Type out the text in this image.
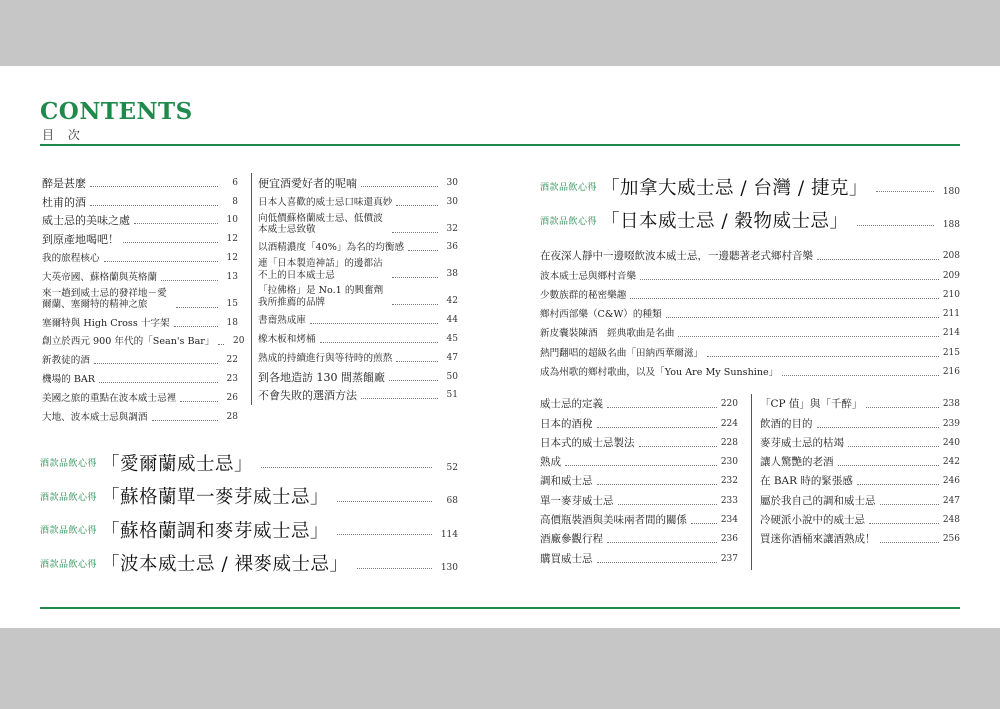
CONTENTS
目 次
醉是甚麼	6
杜甫的酒	8
威士忌的美味之處	10
到原產地喝吧！	12
我的旅程核心	12
大英帝國、蘇格蘭與英格蘭	13
來一趟到威士忌的發祥地－愛爾蘭、塞爾特的精神之旅	15
塞爾特與 High Cross 十字架	18
創立於西元 900 年代的「Sean's Bar」	20
新教徒的酒	22
機場的 BAR	23
美國之旅的重點在波本威士忌裡	26
大地、波本威士忌與調酒	28
便宜酒愛好者的呢喃	30
日本人喜歡的威士忌口味還真妙	30
向低價蘇格蘭威士忌、低價波本威士忌致敬	32
以酒精濃度「40%」為名的均衡感	36
連「日本製造神話」的邊都沾不上的日本威士忌	38
「拉佛格」是 No.1 的興奮劑 我所推薦的品牌	42
書齋熟成庫	44
橡木板和烤桶	45
熟成的持續進行與等待時的煎熬	47
到各地造訪 130 間蒸餾廠	50
不會失敗的選酒方法	51
酒款品飲心得 「愛爾蘭威士忌」	52
酒款品飲心得 「蘇格蘭單一麥芽威士忌」	68
酒款品飲心得 「蘇格蘭調和麥芽威士忌」	114
酒款品飲心得 「波本威士忌 / 裸麥威士忌」	130
酒款品飲心得 「加拿大威士忌 / 台灣 / 捷克」	180
酒款品飲心得 「日本威士忌 / 穀物威士忌」	188
在夜深人靜中一邊啜飲波本威士忌，一邊聽著老式鄉村音樂	208
波本威士忌與鄉村音樂	209
少數族群的秘密樂趣	210
鄉村西部樂（C&W）的種類	211
新皮囊裝陳酒　經典歌曲是名曲	214
熱門翻唱的超級名曲「田納西華爾滋」	215
成為州歌的鄉村歌曲，以及「You Are My Sunshine」	216
威士忌的定義	220
日本的酒稅	224
日本式的威士忌製法	228
熟成	230
調和威士忌	232
單一麥芽威士忌	233
高價瓶裝酒與美味兩者間的關係	234
酒廠參觀行程	236
購買威士忌	237
「CP 值」與「千醉」	238
飲酒的目的	239
麥芽威士忌的枯竭	240
讓人驚艷的老酒	242
在 BAR 時的緊張感	246
屬於我自己的調和威士忌	247
冷硬派小說中的威士忌	248
買迷你酒桶來讓酒熟成！	256
